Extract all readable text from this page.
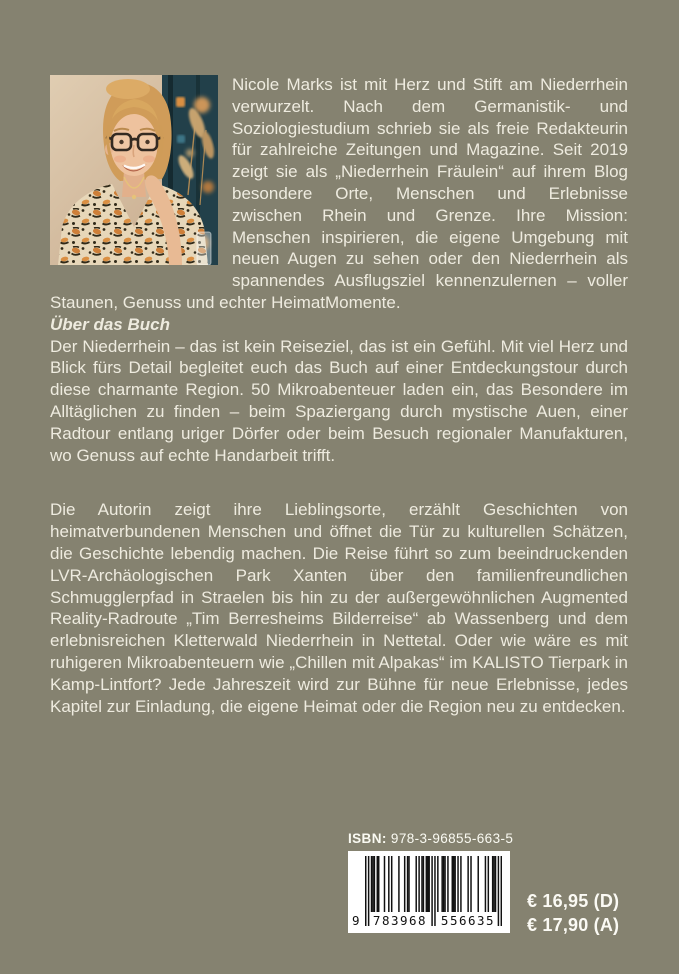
Nicole Marks ist mit Herz und Stift am Niederrhein verwurzelt. Nach dem Germanistik- und Soziologiestudium schrieb sie als freie Redakteurin für zahlreiche Zeitungen und Magazine. Seit 2019 zeigt sie als „Niederrhein Fräulein“ auf ihrem Blog besondere Orte, Menschen und Erlebnisse zwischen Rhein und Grenze. Ihre Mission: Menschen inspirieren, die eigene Umgebung mit neuen Augen zu sehen oder den Niederrhein als spannendes Ausflugsziel kennenzulernen – voller Staunen, Genuss und echter HeimatMomente.

Über das Buch

Der Niederrhein – das ist kein Reiseziel, das ist ein Gefühl. Mit viel Herz und Blick fürs Detail begleitet euch das Buch auf einer Entdeckungstour durch diese charmante Region. 50 Mikroabenteuer laden ein, das Besondere im Alltäglichen zu finden – beim Spaziergang durch mystische Auen, einer Radtour entlang uriger Dörfer oder beim Besuch regionaler Manufakturen, wo Genuss auf echte Handarbeit trifft.

Die Autorin zeigt ihre Lieblingsorte, erzählt Geschichten von heimatverbundenen Menschen und öffnet die Tür zu kulturellen Schätzen, die Geschichte lebendig machen. Die Reise führt so zum beeindruckenden LVR-Archäologischen Park Xanten über den familienfreundlichen Schmugglerpfad in Straelen bis hin zu der außergewöhnlichen Augmented Reality-Radroute „Tim Berresheims Bilderreise“ ab Wassenberg und dem erlebnisreichen Kletterwald Niederrhein in Nettetal. Oder wie wäre es mit ruhigeren Mikroabenteuern wie „Chillen mit Alpakas“ im KALISTO Tierpark in Kamp-Lintfort? Jede Jahreszeit wird zur Bühne für neue Erlebnisse, jedes Kapitel zur Einladung, die eigene Heimat oder die Region neu zu entdecken.

ISBN: 978-3-96855-663-5
9 783968 556635
€ 16,95 (D)
€ 17,90 (A)
